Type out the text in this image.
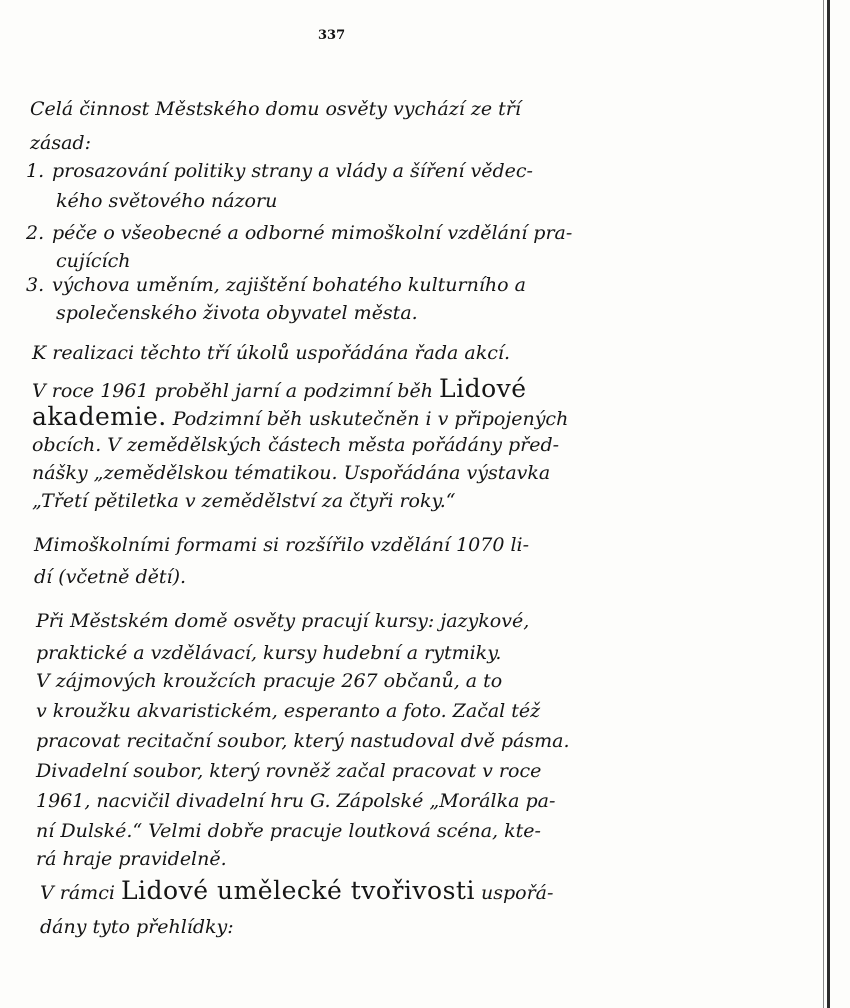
337
Celá činnost Městského domu osvěty vychází ze tří
zásad:
1. prosazování politiky strany a vlády a šíření vědec-
kého světového názoru
2. péče o všeobecné a odborné mimoškolní vzdělání pra-
cujících
3. výchova uměním, zajištění bohatého kulturního a
společenského života obyvatel města.
K realizaci těchto tří úkolů uspořádána řada akcí.
V roce 1961 proběhl jarní a podzimní běh Lidové
akademie. Podzimní běh uskutečněn i v připojených
obcích. V zemědělských částech města pořádány před-
nášky „zemědělskou tématikou. Uspořádána výstavka
„Třetí pětiletka v zemědělství za čtyři roky.“
Mimoškolními formami si rozšířilo vzdělání 1070 li-
dí (včetně dětí).
Při Městském domě osvěty pracují kursy: jazykové,
praktické a vzdělávací, kursy hudební a rytmiky.
V zájmových kroužcích pracuje 267 občanů, a to
v kroužku akvaristickém, esperanto a foto. Začal též
pracovat recitační soubor, který nastudoval dvě pásma.
Divadelní soubor, který rovněž začal pracovat v roce
1961, nacvičil divadelní hru G. Zápolské „Morálka pa-
ní Dulské.“ Velmi dobře pracuje loutková scéna, kte-
rá hraje pravidelně.
V rámci Lidové umělecké tvořivosti uspořá-
dány tyto přehlídky:
